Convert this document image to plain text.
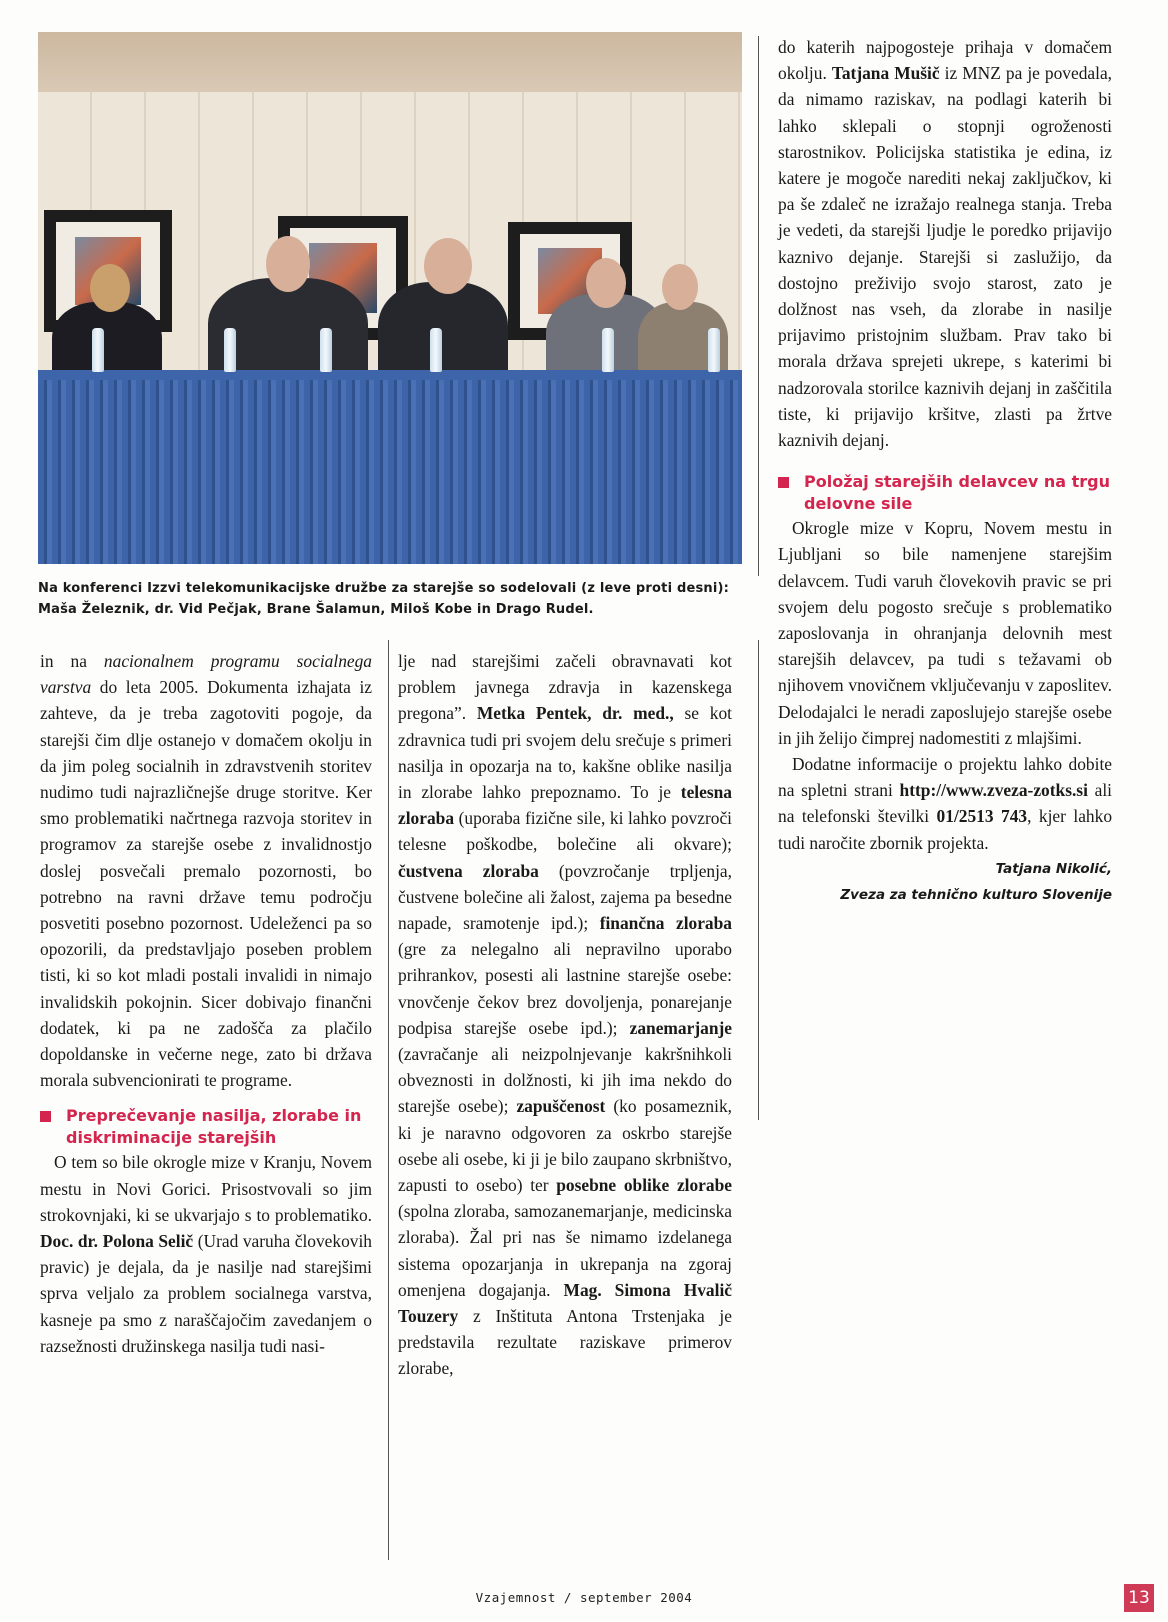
Na konferenci Izzvi telekomunikacijske družbe za starejše so sodelovali (z leve proti desni): Maša Železnik, dr. Vid Pečjak, Brane Šalamun, Miloš Kobe in Drago Rudel.

in na nacionalnem programu socialnega varstva do leta 2005. Dokumenta izhajata iz zahteve, da je treba zagotoviti pogoje, da starejši čim dlje ostanejo v domačem okolju in da jim poleg socialnih in zdravstvenih storitev nudimo tudi najrazličnejše druge storitve. Ker smo problematiki načrtnega razvoja storitev in programov za starejše osebe z invalidnostjo doslej posvečali premalo pozornosti, bo potrebno na ravni države temu področju posvetiti posebno pozornost. Udeleženci pa so opozorili, da predstavljajo poseben problem tisti, ki so kot mladi postali invalidi in nimajo invalidskih pokojnin. Sicer dobivajo finančni dodatek, ki pa ne zadošča za plačilo dopoldanske in večerne nege, zato bi država morala subvencionirati te programe.

Preprečevanje nasilja, zlorabe in diskriminacije starejših

O tem so bile okrogle mize v Kranju, Novem mestu in Novi Gorici. Prisostvovali so jim strokovnjaki, ki se ukvarjajo s to problematiko. Doc. dr. Polona Selič (Urad varuha človekovih pravic) je dejala, da je nasilje nad starejšimi sprva veljalo za problem socialnega varstva, kasneje pa smo z naraščajočim zavedanjem o razsežnosti družinskega nasilja tudi nasi-

lje nad starejšimi začeli obravnavati kot problem javnega zdravja in kazenskega pregona”. Metka Pentek, dr. med., se kot zdravnica tudi pri svojem delu srečuje s primeri nasilja in opozarja na to, kakšne oblike nasilja in zlorabe lahko prepoznamo. To je telesna zloraba (uporaba fizične sile, ki lahko povzroči telesne poškodbe, bolečine ali okvare); čustvena zloraba (povzročanje trpljenja, čustvene bolečine ali žalost, zajema pa besedne napade, sramotenje ipd.); finančna zloraba (gre za nelegalno ali nepravilno uporabo prihrankov, posesti ali lastnine starejše osebe: vnovčenje čekov brez dovoljenja, ponarejanje podpisa starejše osebe ipd.); zanemarjanje (zavračanje ali neizpolnjevanje kakršnihkoli obveznosti in dolžnosti, ki jih ima nekdo do starejše osebe); zapuščenost (ko posameznik, ki je naravno odgovoren za oskrbo starejše osebe ali osebe, ki ji je bilo zaupano skrbništvo, zapusti to osebo) ter posebne oblike zlorabe (spolna zloraba, samozanemarjanje, medicinska zloraba). Žal pri nas še nimamo izdelanega sistema opozarjanja in ukrepanja na zgoraj omenjena dogajanja. Mag. Simona Hvalič Touzery z Inštituta Antona Trstenjaka je predstavila rezultate raziskave primerov zlorabe,

do katerih najpogosteje prihaja v domačem okolju. Tatjana Mušič iz MNZ pa je povedala, da nimamo raziskav, na podlagi katerih bi lahko sklepali o stopnji ogroženosti starostnikov. Policijska statistika je edina, iz katere je mogoče narediti nekaj zaključkov, ki pa še zdaleč ne izražajo realnega stanja. Treba je vedeti, da starejši ljudje le poredko prijavijo kaznivo dejanje. Starejši si zaslužijo, da dostojno preživijo svojo starost, zato je dolžnost nas vseh, da zlorabe in nasilje prijavimo pristojnim službam. Prav tako bi morala država sprejeti ukrepe, s katerimi bi nadzorovala storilce kaznivih dejanj in zaščitila tiste, ki prijavijo kršitve, zlasti pa žrtve kaznivih dejanj.

Položaj starejših delavcev na trgu delovne sile

Okrogle mize v Kopru, Novem mestu in Ljubljani so bile namenjene starejšim delavcem. Tudi varuh človekovih pravic se pri svojem delu pogosto srečuje s problematiko zaposlovanja in ohranjanja delovnih mest starejših delavcev, pa tudi s težavami ob njihovem vnovičnem vključevanju v zaposlitev. Delodajalci le neradi zaposlujejo starejše osebe in jih želijo čimprej nadomestiti z mlajšimi.

Dodatne informacije o projektu lahko dobite na spletni strani http://www.zveza-zotks.si ali na telefonski številki 01/2513 743, kjer lahko tudi naročite zbornik projekta.

Tatjana Nikolić,
Zveza za tehnično kulturo Slovenije
Vzajemnost / september 2004	13
